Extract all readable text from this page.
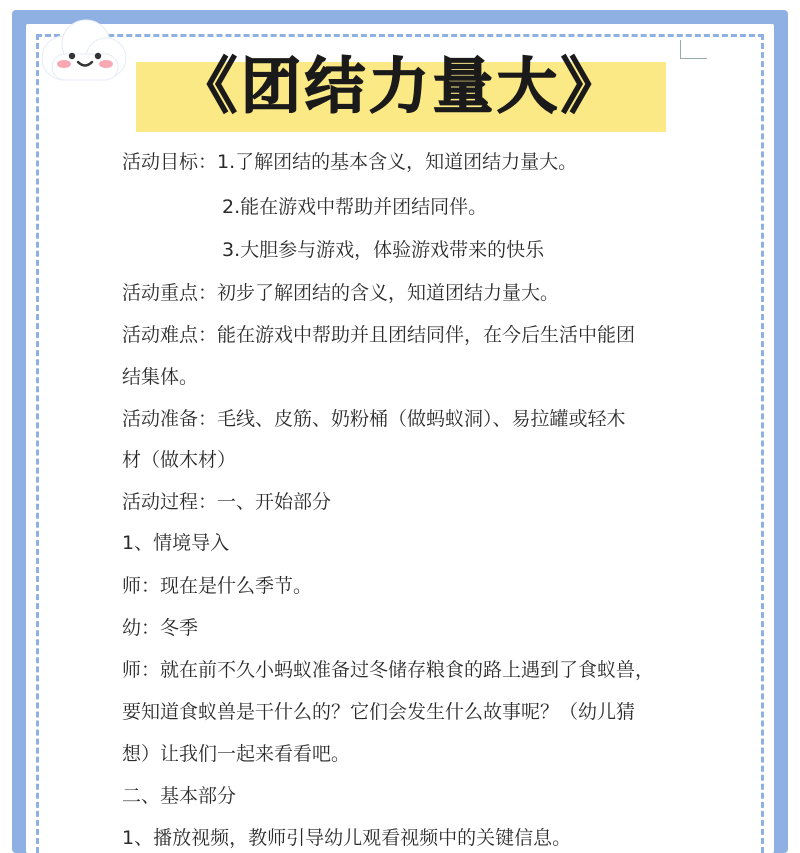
《团结力量大》
活动目标：1.了解团结的基本含义，知道团结力量大。
2.能在游戏中帮助并团结同伴。
3.大胆参与游戏，体验游戏带来的快乐
活动重点：初步了解团结的含义，知道团结力量大。
活动难点：能在游戏中帮助并且团结同伴，在今后生活中能团
结集体。
活动准备：毛线、皮筋、奶粉桶（做蚂蚁洞）、易拉罐或轻木
材（做木材）
活动过程：一、开始部分
1、情境导入
师：现在是什么季节。
幼：冬季
师：就在前不久小蚂蚁准备过冬储存粮食的路上遇到了食蚁兽，
要知道食蚁兽是干什么的？它们会发生什么故事呢？（幼儿猜
想）让我们一起来看看吧。
二、基本部分
1、播放视频，教师引导幼儿观看视频中的关键信息。
